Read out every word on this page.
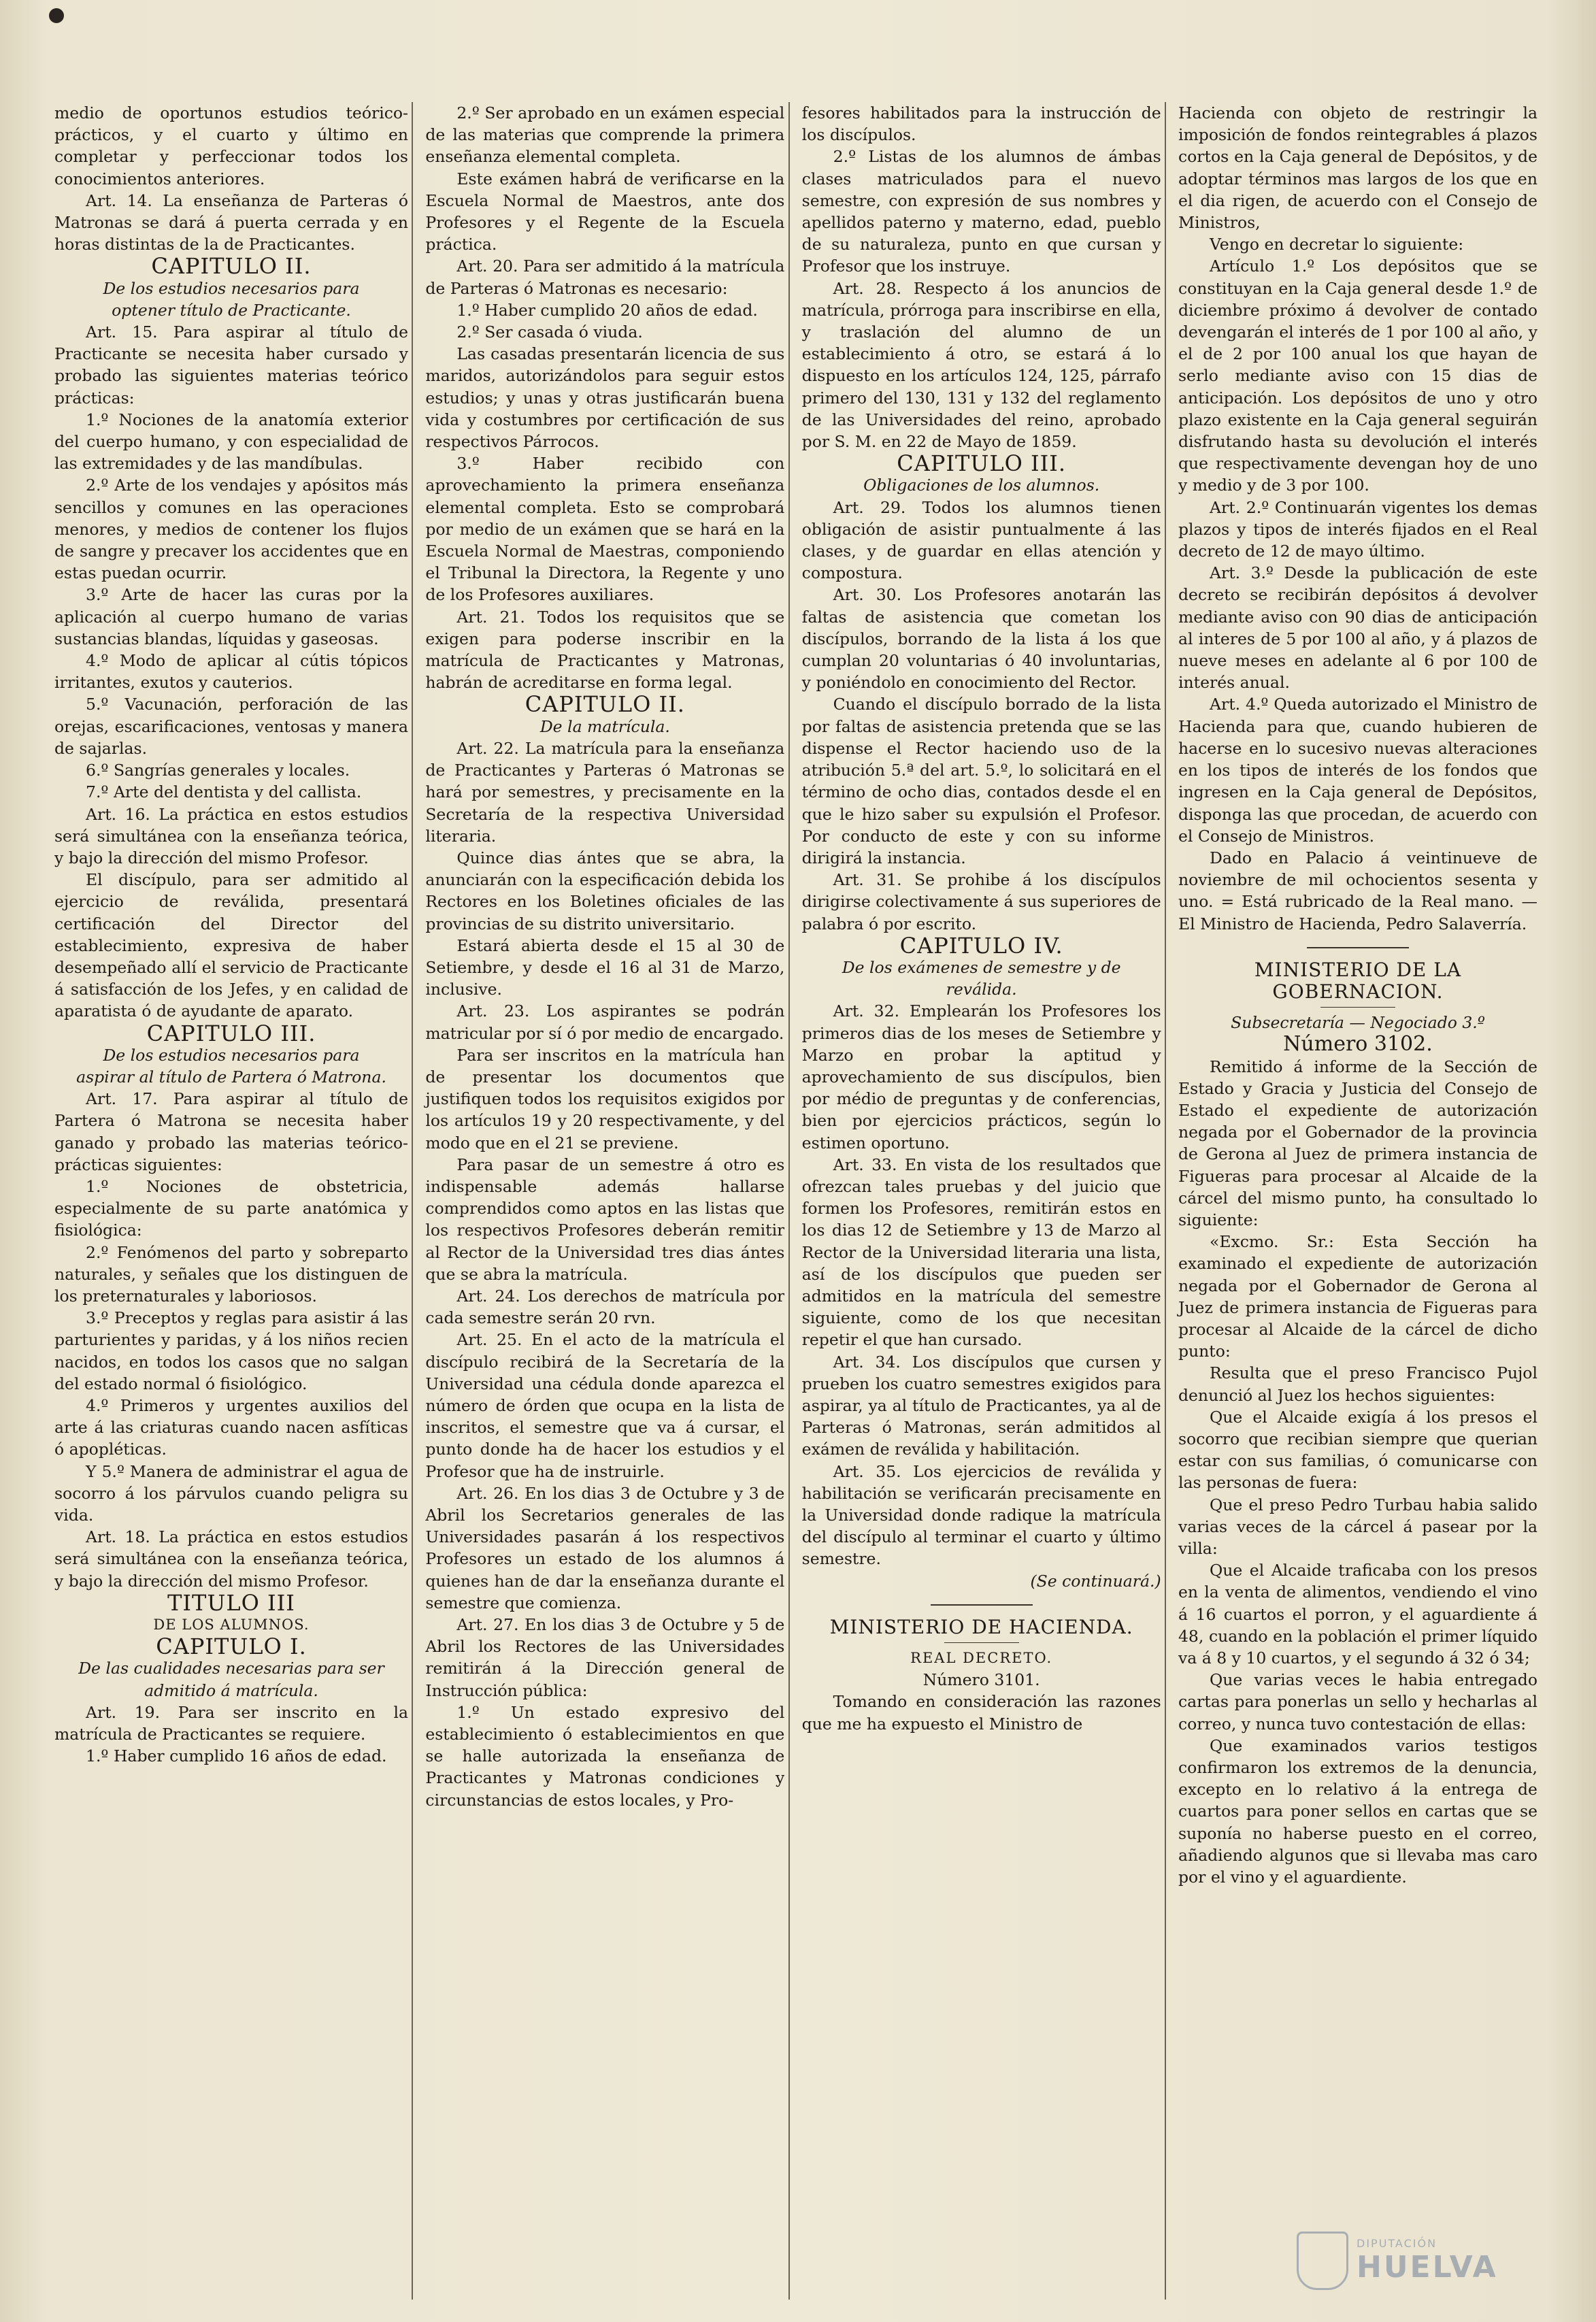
medio de oportunos estudios teórico-prácticos, y el cuarto y último en completar y perfeccionar todos los conocimientos anteriores.

Art. 14. La enseñanza de Parteras ó Matronas se dará á puerta cerrada y en horas distintas de la de Practicantes.

CAPITULO II.

De los estudios necesarios para optener título de Practicante.

Art. 15. Para aspirar al título de Practicante se necesita haber cursado y probado las siguientes materias teórico prácticas:

1.º Nociones de la anatomía exterior del cuerpo humano, y con especialidad de las extremidades y de las mandíbulas.

2.º Arte de los vendajes y apósitos más sencillos y comunes en las operaciones menores, y medios de contener los flujos de sangre y precaver los accidentes que en estas puedan ocurrir.

3.º Arte de hacer las curas por la aplicación al cuerpo humano de varias sustancias blandas, líquidas y gaseosas.

4.º Modo de aplicar al cútis tópicos irritantes, exutos y cauterios.

5.º Vacunación, perforación de las orejas, escarificaciones, ventosas y manera de sajarlas.

6.º Sangrías generales y locales.

7.º Arte del dentista y del callista.

Art. 16. La práctica en estos estudios será simultánea con la enseñanza teórica, y bajo la dirección del mismo Profesor.

El discípulo, para ser admitido al ejercicio de reválida, presentará certificación del Director del establecimiento, expresiva de haber desempeñado allí el servicio de Practicante á satisfacción de los Jefes, y en calidad de aparatista ó de ayudante de aparato.

CAPITULO III.

De los estudios necesarios para aspirar al título de Partera ó Matrona.

Art. 17. Para aspirar al título de Partera ó Matrona se necesita haber ganado y probado las materias teórico-prácticas siguientes:

1.º Nociones de obstetricia, especialmente de su parte anatómica y fisiológica:

2.º Fenómenos del parto y sobreparto naturales, y señales que los distinguen de los preternaturales y laboriosos.

3.º Preceptos y reglas para asistir á las parturientes y paridas, y á los niños recien nacidos, en todos los casos que no salgan del estado normal ó fisiológico.

4.º Primeros y urgentes auxilios del arte á las criaturas cuando nacen asfíticas ó apopléticas.

Y 5.º Manera de administrar el agua de socorro á los párvulos cuando peligra su vida.

Art. 18. La práctica en estos estudios será simultánea con la enseñanza teórica, y bajo la dirección del mismo Profesor.

TITULO III

DE LOS ALUMNOS.

CAPITULO I.

De las cualidades necesarias para ser admitido á matrícula.

Art. 19. Para ser inscrito en la matrícula de Practicantes se requiere.

1.º Haber cumplido 16 años de edad.

2.º Ser aprobado en un exámen especial de las materias que comprende la primera enseñanza elemental completa.

Este exámen habrá de verificarse en la Escuela Normal de Maestros, ante dos Profesores y el Regente de la Escuela práctica.

Art. 20. Para ser admitido á la matrícula de Parteras ó Matronas es necesario:

1.º Haber cumplido 20 años de edad.

2.º Ser casada ó viuda.

Las casadas presentarán licencia de sus maridos, autorizándolos para seguir estos estudios; y unas y otras justificarán buena vida y costumbres por certificación de sus respectivos Párrocos.

3.º Haber recibido con aprovechamiento la primera enseñanza elemental completa. Esto se comprobará por medio de un exámen que se hará en la Escuela Normal de Maestras, componiendo el Tribunal la Directora, la Regente y uno de los Profesores auxiliares.

Art. 21. Todos los requisitos que se exigen para poderse inscribir en la matrícula de Practicantes y Matronas, habrán de acreditarse en forma legal.

CAPITULO II.

De la matrícula.

Art. 22. La matrícula para la enseñanza de Practicantes y Parteras ó Matronas se hará por semestres, y precisamente en la Secretaría de la respectiva Universidad literaria.

Quince dias ántes que se abra, la anunciarán con la especificación debida los Rectores en los Boletines oficiales de las provincias de su distrito universitario.

Estará abierta desde el 15 al 30 de Setiembre, y desde el 16 al 31 de Marzo, inclusive.

Art. 23. Los aspirantes se podrán matricular por sí ó por medio de encargado.

Para ser inscritos en la matrícula han de presentar los documentos que justifiquen todos los requisitos exigidos por los artículos 19 y 20 respectivamente, y del modo que en el 21 se previene.

Para pasar de un semestre á otro es indispensable además hallarse comprendidos como aptos en las listas que los respectivos Profesores deberán remitir al Rector de la Universidad tres dias ántes que se abra la matrícula.

Art. 24. Los derechos de matrícula por cada semestre serán 20 rvn.

Art. 25. En el acto de la matrícula el discípulo recibirá de la Secretaría de la Universidad una cédula donde aparezca el número de órden que ocupa en la lista de inscritos, el semestre que va á cursar, el punto donde ha de hacer los estudios y el Profesor que ha de instruirle.

Art. 26. En los dias 3 de Octubre y 3 de Abril los Secretarios generales de las Universidades pasarán á los respectivos Profesores un estado de los alumnos á quienes han de dar la enseñanza durante el semestre que comienza.

Art. 27. En los dias 3 de Octubre y 5 de Abril los Rectores de las Universidades remitirán á la Dirección general de Instrucción pública:

1.º Un estado expresivo del establecimiento ó establecimientos en que se halle autorizada la enseñanza de Practicantes y Matronas condiciones y circunstancias de estos locales, y Pro-

fesores habilitados para la instrucción de los discípulos.

2.º Listas de los alumnos de ámbas clases matriculados para el nuevo semestre, con expresión de sus nombres y apellidos paterno y materno, edad, pueblo de su naturaleza, punto en que cursan y Profesor que los instruye.

Art. 28. Respecto á los anuncios de matrícula, prórroga para inscribirse en ella, y traslación del alumno de un establecimiento á otro, se estará á lo dispuesto en los artículos 124, 125, párrafo primero del 130, 131 y 132 del reglamento de las Universidades del reino, aprobado por S. M. en 22 de Mayo de 1859.

CAPITULO III.

Obligaciones de los alumnos.

Art. 29. Todos los alumnos tienen obligación de asistir puntualmente á las clases, y de guardar en ellas atención y compostura.

Art. 30. Los Profesores anotarán las faltas de asistencia que cometan los discípulos, borrando de la lista á los que cumplan 20 voluntarias ó 40 involuntarias, y poniéndolo en conocimiento del Rector.

Cuando el discípulo borrado de la lista por faltas de asistencia pretenda que se las dispense el Rector haciendo uso de la atribución 5.ª del art. 5.º, lo solicitará en el término de ocho dias, contados desde el en que le hizo saber su expulsión el Profesor. Por conducto de este y con su informe dirigirá la instancia.

Art. 31. Se prohibe á los discípulos dirigirse colectivamente á sus superiores de palabra ó por escrito.

CAPITULO IV.

De los exámenes de semestre y de reválida.

Art. 32. Emplearán los Profesores los primeros dias de los meses de Setiembre y Marzo en probar la aptitud y aprovechamiento de sus discípulos, bien por médio de preguntas y de conferencias, bien por ejercicios prácticos, según lo estimen oportuno.

Art. 33. En vista de los resultados que ofrezcan tales pruebas y del juicio que formen los Profesores, remitirán estos en los dias 12 de Setiembre y 13 de Marzo al Rector de la Universidad literaria una lista, así de los discípulos que pueden ser admitidos en la matrícula del semestre siguiente, como de los que necesitan repetir el que han cursado.

Art. 34. Los discípulos que cursen y prueben los cuatro semestres exigidos para aspirar, ya al título de Practicantes, ya al de Parteras ó Matronas, serán admitidos al exámen de reválida y habilitación.

Art. 35. Los ejercicios de reválida y habilitación se verificarán precisamente en la Universidad donde radique la matrícula del discípulo al terminar el cuarto y último semestre.

(Se continuará.)

MINISTERIO DE HACIENDA.

REAL DECRETO.

Número 3101.

Tomando en consideración las razones que me ha expuesto el Ministro de

Hacienda con objeto de restringir la imposición de fondos reintegrables á plazos cortos en la Caja general de Depósitos, y de adoptar términos mas largos de los que en el dia rigen, de acuerdo con el Consejo de Ministros,

Vengo en decretar lo siguiente:

Artículo 1.º Los depósitos que se constituyan en la Caja general desde 1.º de diciembre próximo á devolver de contado devengarán el interés de 1 por 100 al año, y el de 2 por 100 anual los que hayan de serlo mediante aviso con 15 dias de anticipación. Los depósitos de uno y otro plazo existente en la Caja general seguirán disfrutando hasta su devolución el interés que respectivamente devengan hoy de uno y medio y de 3 por 100.

Art. 2.º Continuarán vigentes los demas plazos y tipos de interés fijados en el Real decreto de 12 de mayo último.

Art. 3.º Desde la publicación de este decreto se recibirán depósitos á devolver mediante aviso con 90 dias de anticipación al interes de 5 por 100 al año, y á plazos de nueve meses en adelante al 6 por 100 de interés anual.

Art. 4.º Queda autorizado el Ministro de Hacienda para que, cuando hubieren de hacerse en lo sucesivo nuevas alteraciones en los tipos de interés de los fondos que ingresen en la Caja general de Depósitos, disponga las que procedan, de acuerdo con el Consejo de Ministros.

Dado en Palacio á veintinueve de noviembre de mil ochocientos sesenta y uno. = Está rubricado de la Real mano. — El Ministro de Hacienda, Pedro Salaverría.

MINISTERIO DE LA GOBERNACION.

Subsecretaría — Negociado 3.º

Número 3102.

Remitido á informe de la Sección de Estado y Gracia y Justicia del Consejo de Estado el expediente de autorización negada por el Gobernador de la provincia de Gerona al Juez de primera instancia de Figueras para procesar al Alcaide de la cárcel del mismo punto, ha consultado lo siguiente:

«Excmo. Sr.: Esta Sección ha examinado el expediente de autorización negada por el Gobernador de Gerona al Juez de primera instancia de Figueras para procesar al Alcaide de la cárcel de dicho punto:

Resulta que el preso Francisco Pujol denunció al Juez los hechos siguientes:

Que el Alcaide exigía á los presos el socorro que recibian siempre que querian estar con sus familias, ó comunicarse con las personas de fuera:

Que el preso Pedro Turbau habia salido varias veces de la cárcel á pasear por la villa:

Que el Alcaide traficaba con los presos en la venta de alimentos, vendiendo el vino á 16 cuartos el porron, y el aguardiente á 48, cuando en la población el primer líquido va á 8 y 10 cuartos, y el segundo á 32 ó 34;

Que varias veces le habia entregado cartas para ponerlas un sello y hecharlas al correo, y nunca tuvo contestación de ellas:

Que examinados varios testigos confirmaron los extremos de la denuncia, excepto en lo relativo á la entrega de cuartos para poner sellos en cartas que se suponía no haberse puesto en el correo, añadiendo algunos que si llevaba mas caro por el vino y el aguardiente.

DIPUTACIÓN
HUELVA
